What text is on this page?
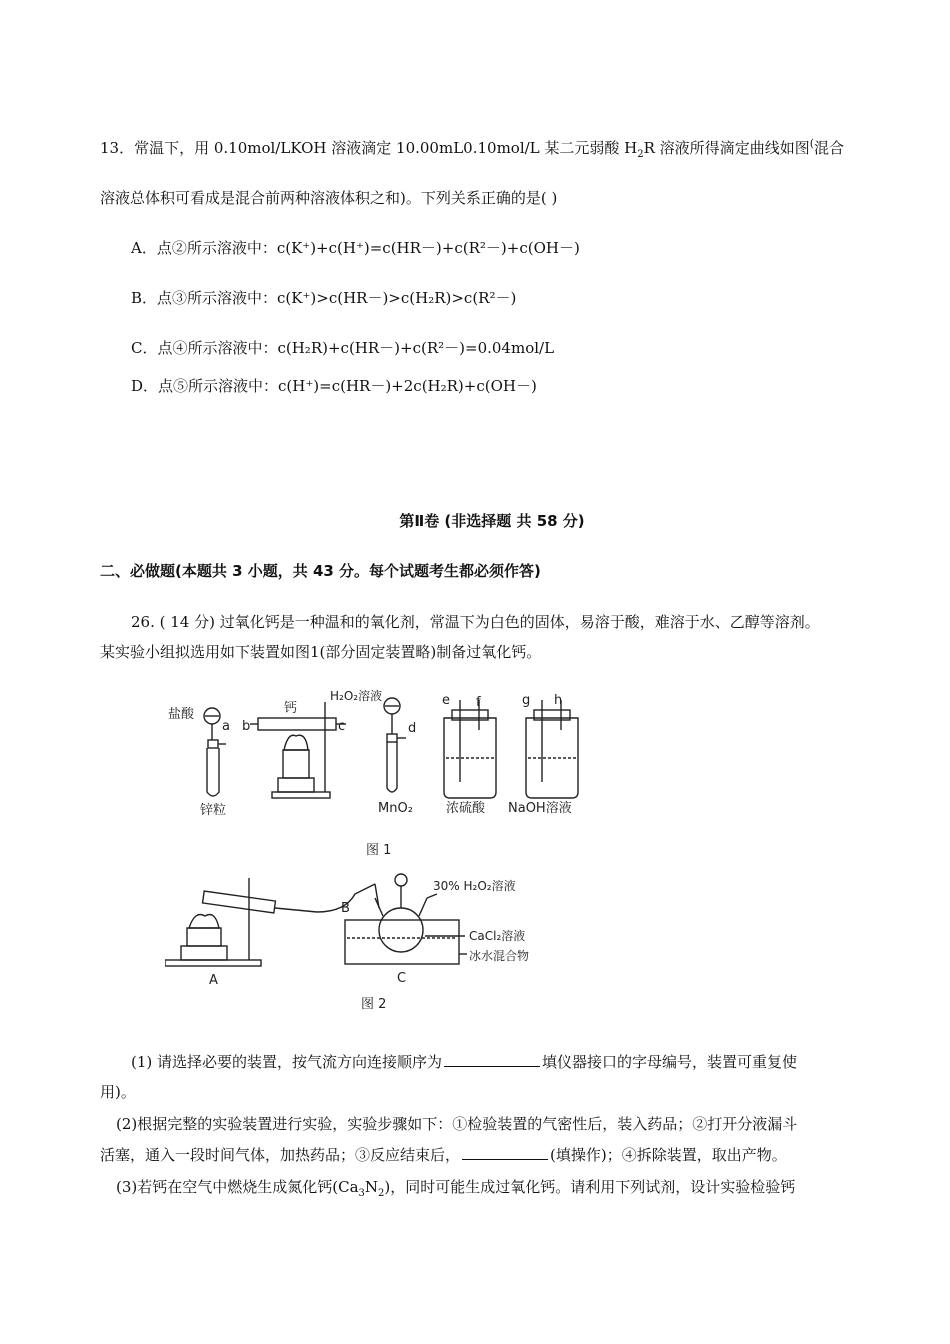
13．常温下，用 0.10mol/LKOH 溶液滴定 10.00mL0.10mol/L 某二元弱酸 $H_2R$ 溶液所得滴定曲线如图(混合
溶液总体积可看成是混合前两种溶液体积之和)。下列关系正确的是( )
A．点②所示溶液中：c(K⁺)+c(H⁺)=c(HR－)+c(R²－)+c(OH－)
B．点③所示溶液中：c(K⁺)>c(HR－)>c(H₂R)>c(R²－)
C．点④所示溶液中：c(H₂R)+c(HR－)+c(R²－)=0.04mol/L
D．点⑤所示溶液中：c(H⁺)=c(HR－)+2c(H₂R)+c(OH－)
第Ⅱ卷 (非选择题 共 58 分)
二、必做题(本题共 3 小题，共 43 分。每个试题考生都必须作答)
26. ( 14 分) 过氧化钙是一种温和的氧化剂，常温下为白色的固体，易溶于酸，难溶于水、乙醇等溶剂。
某实验小组拟选用如下装置如图1(部分固定装置略)制备过氧化钙。
盐酸
a b
钙
c
H₂O₂溶液
d
e f	g h
锌粒	MnO₂	浓硫酸 NaOH溶液
图 1
30% H₂O₂溶液
B
CaCl₂溶液
冰水混合物
A	C
图 2
(1) 请选择必要的装置，按气流方向连接顺序为	填仪器接口的字母编号，装置可重复使
用)。
(2)根据完整的实验装置进行实验，实验步骤如下：①检验装置的气密性后，装入药品；②打开分液漏斗
活塞，通入一段时间气体，加热药品；③反应结束后，	(填操作)；④拆除装置，取出产物。
(3)若钙在空气中燃烧生成氮化钙$(Ca_3N_2)$，同时可能生成过氧化钙。请利用下列试剂，设计实验检验钙
